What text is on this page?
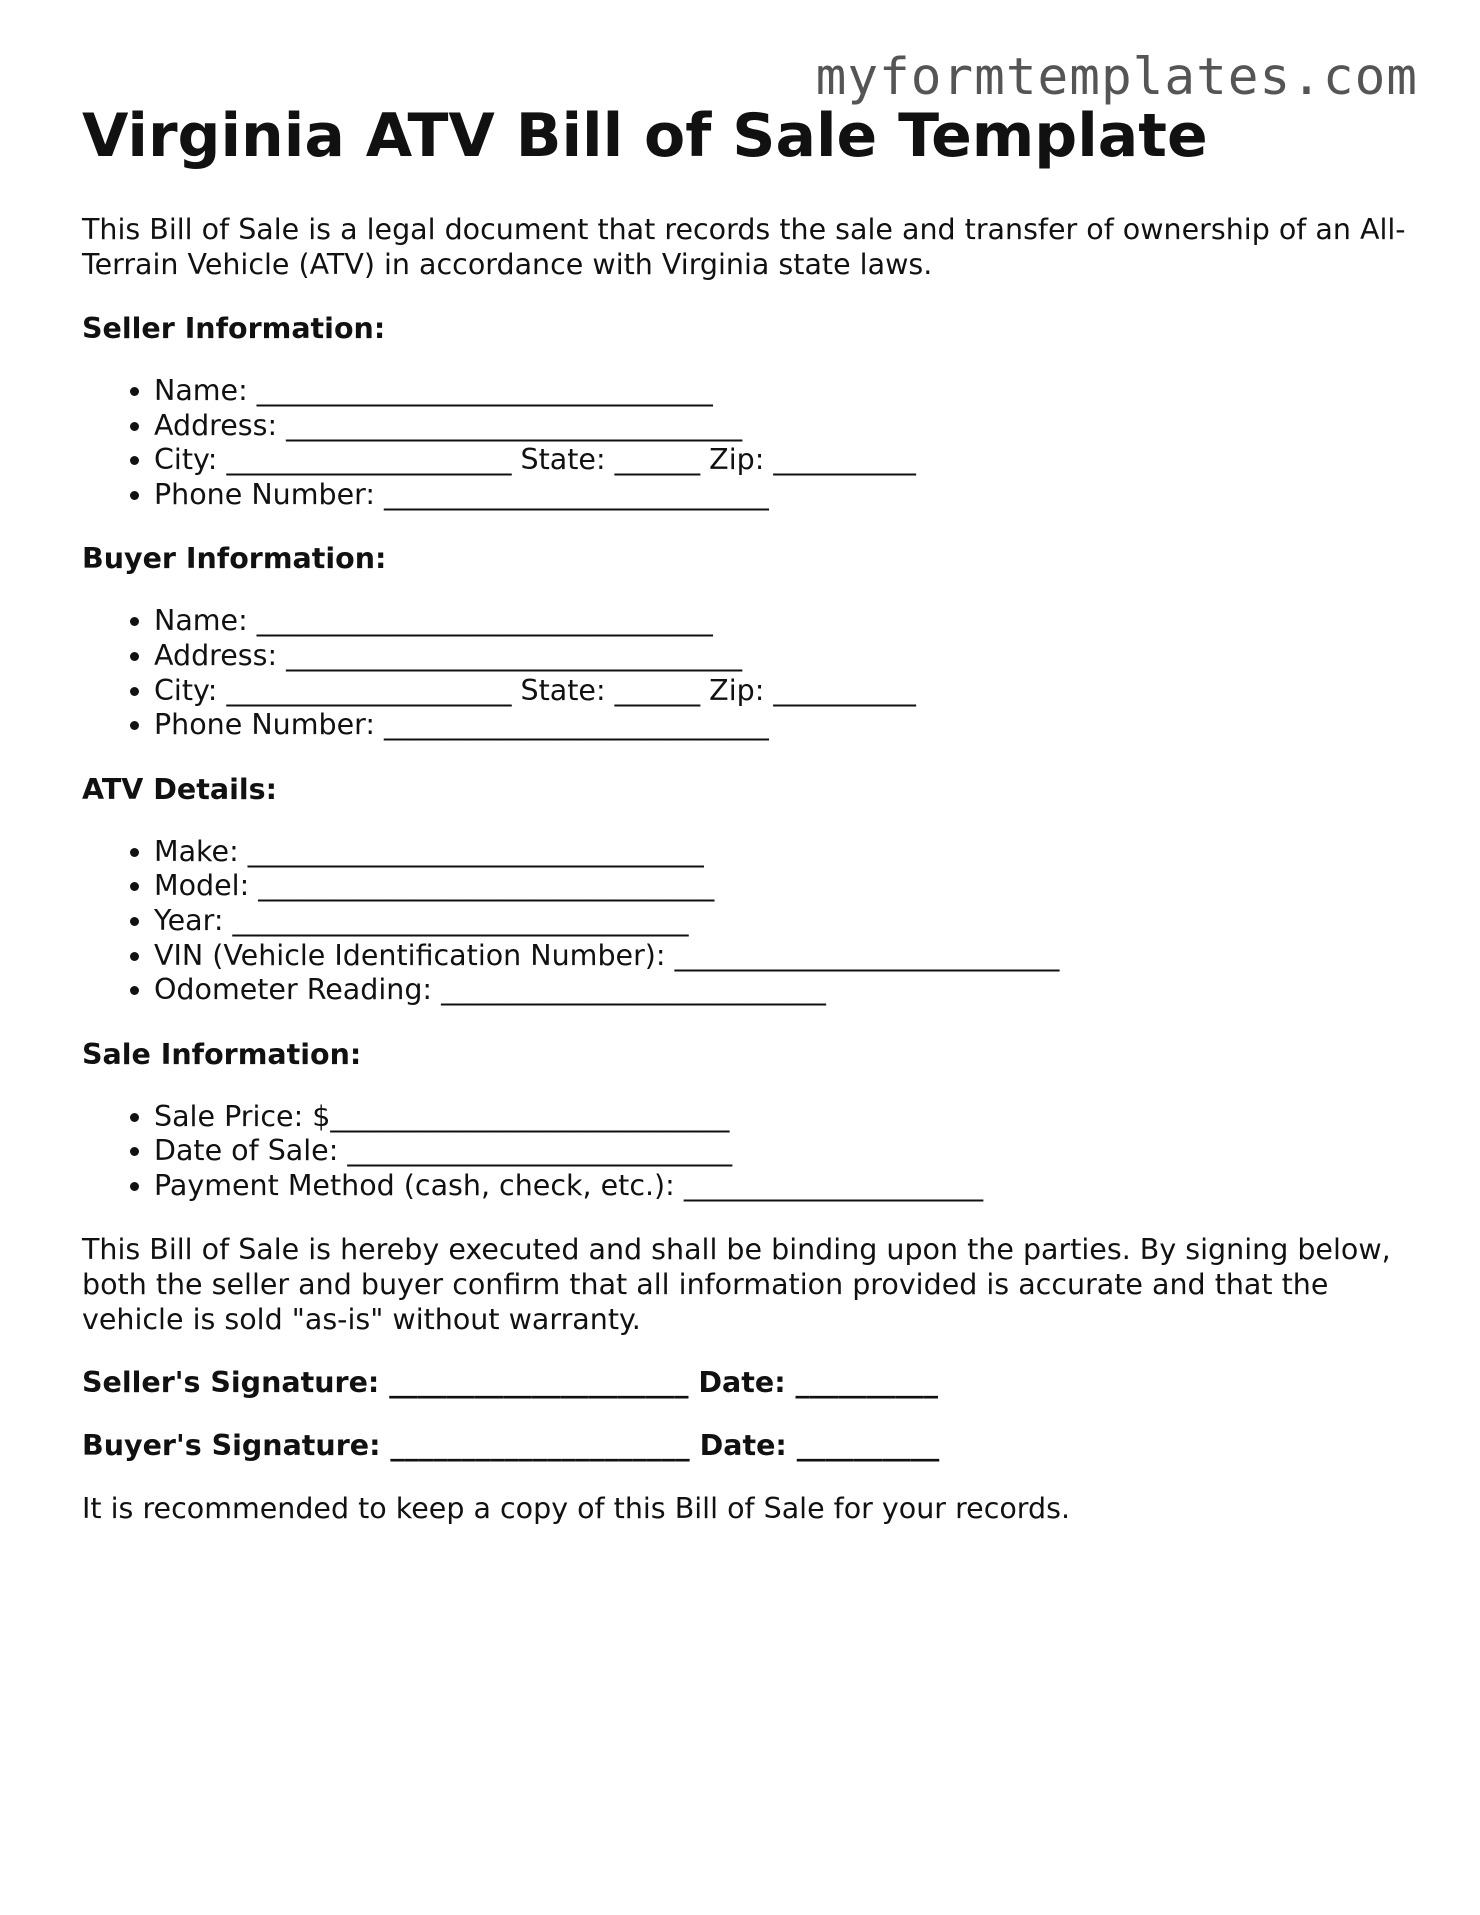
myformtemplates.com
Virginia ATV Bill of Sale Template

This Bill of Sale is a legal document that records the sale and transfer of ownership of an All-Terrain Vehicle (ATV) in accordance with Virginia state laws.

Seller Information:
• Name: ________________________________
• Address: ________________________________
• City: ____________________ State: ______ Zip: __________
• Phone Number: ___________________________
Buyer Information:
• Name: ________________________________
• Address: ________________________________
• City: ____________________ State: ______ Zip: __________
• Phone Number: ___________________________
ATV Details:
• Make: ________________________________
• Model: ________________________________
• Year: ________________________________
• VIN (Vehicle Identification Number): ___________________________
• Odometer Reading: ___________________________
Sale Information:
• Sale Price: $____________________________
• Date of Sale: ___________________________
• Payment Method (cash, check, etc.): _____________________

This Bill of Sale is hereby executed and shall be binding upon the parties. By signing below, both the seller and buyer confirm that all information provided is accurate and that the vehicle is sold "as-is" without warranty.

Seller's Signature: _____________________ Date: __________
Buyer's Signature: _____________________ Date: __________

It is recommended to keep a copy of this Bill of Sale for your records.
